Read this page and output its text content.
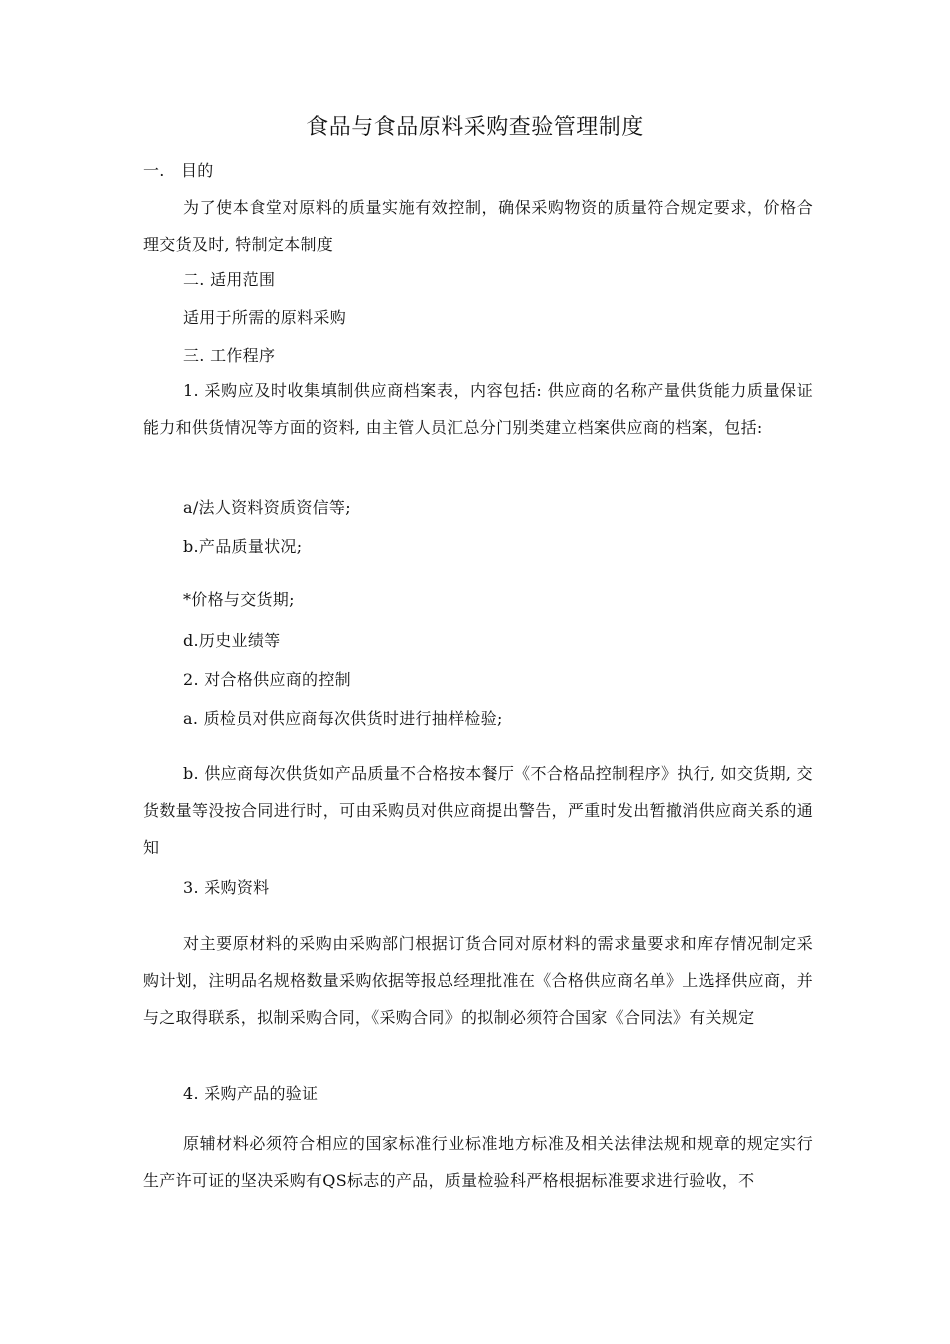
食品与食品原料采购查验管理制度
一. 目的

为了使本食堂对原料的质量实施有效控制，确保采购物资的质量符合规定要求，价格合理交货及时, 特制定本制度

二. 适用范围
适用于所需的原料采购
三. 工作程序

1. 采购应及时收集填制供应商档案表，内容包括: 供应商的名称产量供货能力质量保证能力和供货情况等方面的资料, 由主管人员汇总分门别类建立档案供应商的档案，包括:

a/法人资料资质资信等;
b.产品质量状况;
*价格与交货期;
d.历史业绩等
2. 对合格供应商的控制
a. 质检员对供应商每次供货时进行抽样检验;

b. 供应商每次供货如产品质量不合格按本餐厅《不合格品控制程序》执行, 如交货期, 交货数量等没按合同进行时，可由采购员对供应商提出警告，严重时发出暂撤消供应商关系的通知

3. 采购资料

对主要原材料的采购由采购部门根据订货合同对原材料的需求量要求和库存情况制定采购计划，注明品名规格数量采购依据等报总经理批准在《合格供应商名单》上选择供应商，并与之取得联系，拟制采购合同，《采购合同》的拟制必须符合国家《合同法》有关规定

4. 采购产品的验证

原辅材料必须符合相应的国家标准行业标准地方标准及相关法律法规和规章的规定实行生产许可证的坚决采购有QS标志的产品，质量检验科严格根据标准要求进行验收，不
